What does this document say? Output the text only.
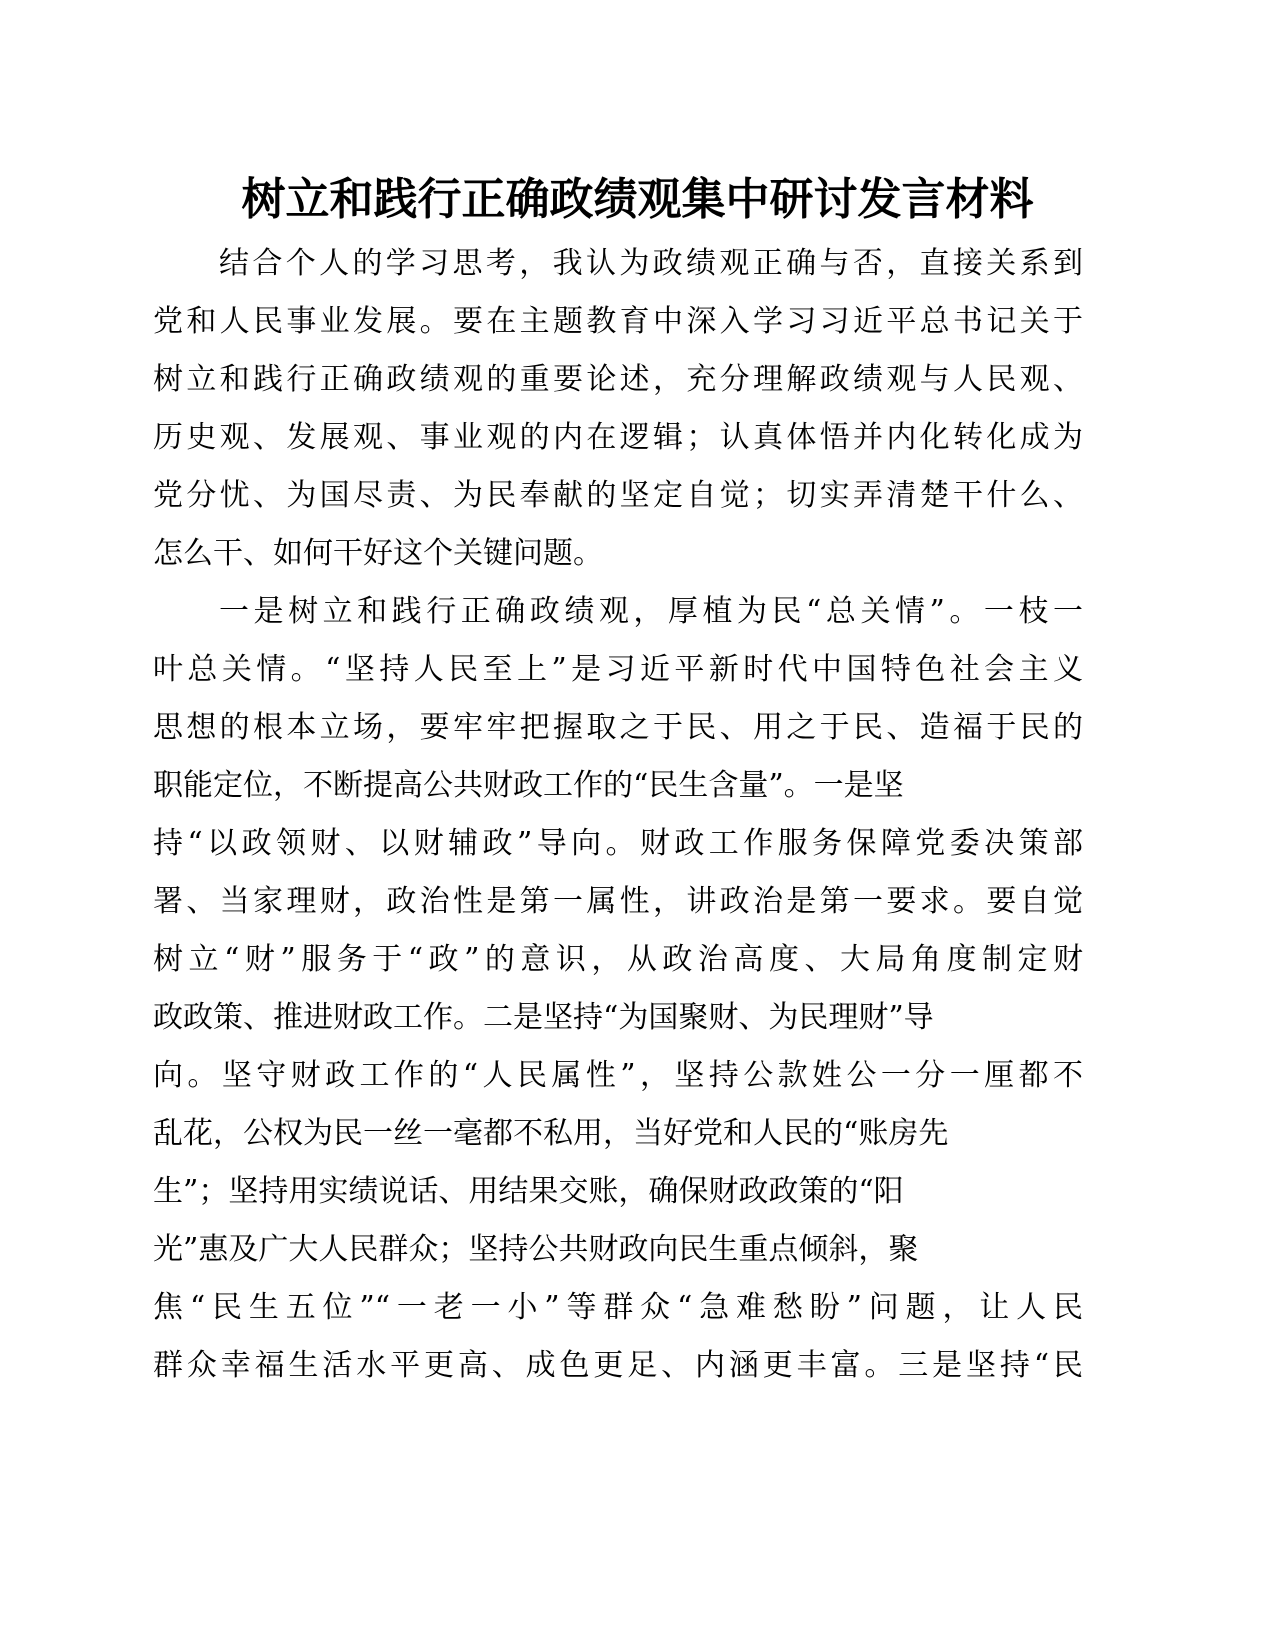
树立和践行正确政绩观集中研讨发言材料
结合个人的学习思考，我认为政绩观正确与否，直接关系到
党和人民事业发展。要在主题教育中深入学习习近平总书记关于
树立和践行正确政绩观的重要论述，充分理解政绩观与人民观、
历史观、发展观、事业观的内在逻辑；认真体悟并内化转化成为
党分忧、为国尽责、为民奉献的坚定自觉；切实弄清楚干什么、
怎么干、如何干好这个关键问题。
一是树立和践行正确政绩观，厚植为民“总关情”。一枝一
叶总关情。“坚持人民至上”是习近平新时代中国特色社会主义
思想的根本立场，要牢牢把握取之于民、用之于民、造福于民的
职能定位，不断提高公共财政工作的“民生含量”。一是坚
持“以政领财、以财辅政”导向。财政工作服务保障党委决策部
署、当家理财，政治性是第一属性，讲政治是第一要求。要自觉
树立“财”服务于“政”的意识，从政治高度、大局角度制定财
政政策、推进财政工作。二是坚持“为国聚财、为民理财”导
向。坚守财政工作的“人民属性”，坚持公款姓公一分一厘都不
乱花，公权为民一丝一毫都不私用，当好党和人民的“账房先
生”；坚持用实绩说话、用结果交账，确保财政政策的“阳
光”惠及广大人民群众；坚持公共财政向民生重点倾斜，聚
焦“民生五位”“一老一小”等群众“急难愁盼”问题，让人民
群众幸福生活水平更高、成色更足、内涵更丰富。三是坚持“民
